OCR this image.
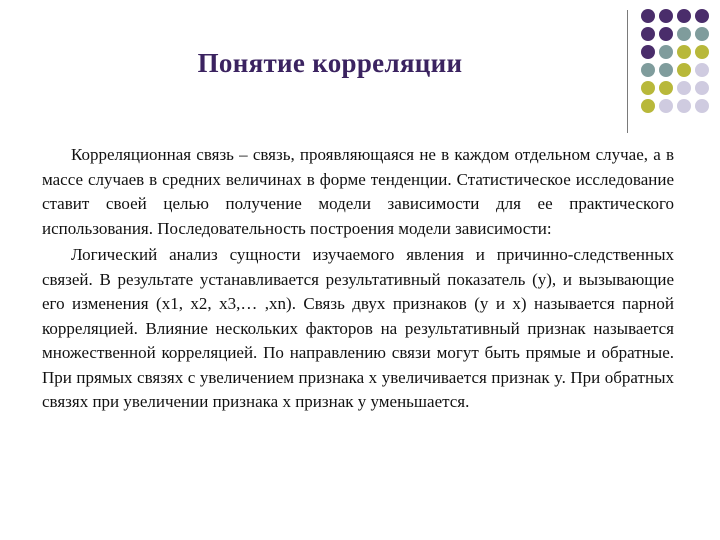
Понятие корреляции

Корреляционная связь – связь, проявляющаяся не в каждом отдельном случае, а в массе случаев в средних величинах в форме тенденции. Статистическое исследование ставит своей целью получение модели зависимости для ее практического использования. Последовательность построения модели зависимости:

Логический анализ сущности изучаемого явления и причинно-следственных связей. В результате устанавливается результативный показатель (y), и вызывающие его изменения (x1, x2, x3,… ,xn). Связь двух признаков (y и x) называется парной корреляцией. Влияние нескольких факторов на результативный признак называется множественной корреляцией. По направлению связи могут быть прямые и обратные. При прямых связях с увеличением признака x увеличивается признак y. При обратных связях при увеличении признака x признак y уменьшается.
